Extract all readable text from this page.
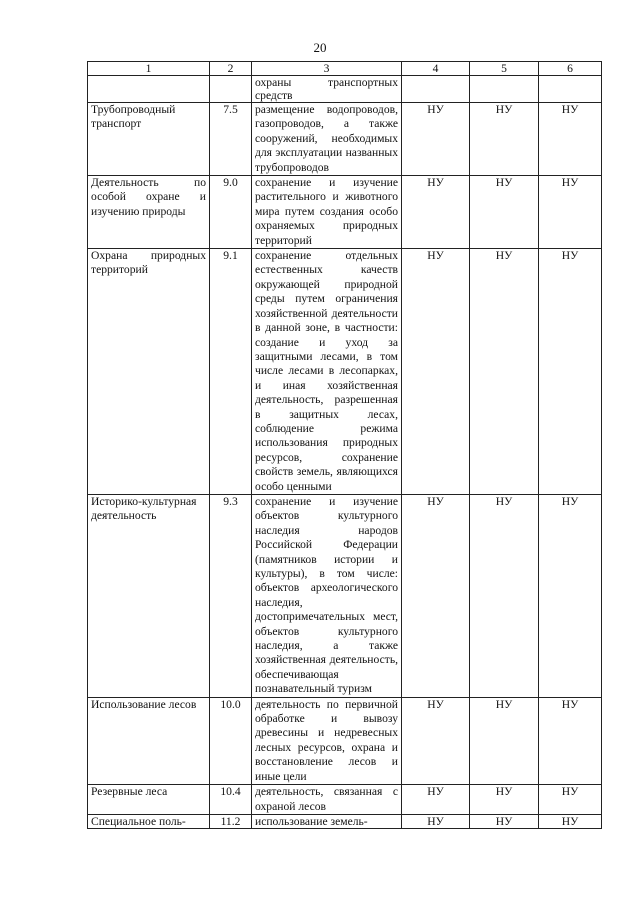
20
1	2	3	4	5	6
		охраны транспортных средств			
Трубопроводный транспорт	7.5	размещение водопроводов, газопроводов, а также сооружений, необходимых для эксплуатации названных трубопроводов	НУ	НУ	НУ
Деятельность по особой охране и изучению природы	9.0	сохранение и изучение растительного и животного мира путем создания особо охраняемых природных территорий	НУ	НУ	НУ
Охрана природных территорий	9.1	сохранение отдельных естественных качеств окружающей природной среды путем ограничения хозяйственной деятельности в данной зоне, в частности: создание и уход за защитными лесами, в том числе лесами в лесопарках, и иная хозяйственная деятельность, разрешенная в защитных лесах, соблюдение режима использования природных ресурсов, сохранение свойств земель, являющихся особо ценными	НУ	НУ	НУ
Историко-культурная деятельность	9.3	сохранение и изучение объектов культурного наследия народов Российской Федерации (памятников истории и культуры), в том числе: объектов археологического наследия, достопримечательных мест, объектов культурного наследия, а также хозяйственная деятельность, обеспечивающая познавательный туризм	НУ	НУ	НУ
Использование лесов	10.0	деятельность по первичной обработке и вывозу древесины и недревесных лесных ресурсов, охрана и восстановление лесов и иные цели	НУ	НУ	НУ
Резервные леса	10.4	деятельность, связанная с охраной лесов	НУ	НУ	НУ
Специальное поль-	11.2	использование земель-	НУ	НУ	НУ
